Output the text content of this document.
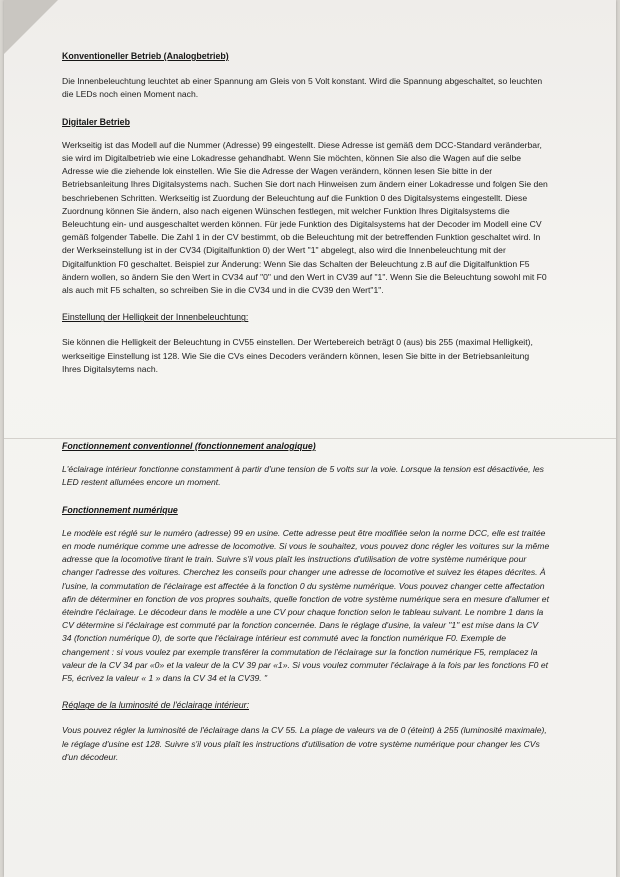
Konventioneller Betrieb (Analogbetrieb)

Die Innenbeleuchtung leuchtet ab einer Spannung am Gleis von 5 Volt konstant. Wird die Spannung abgeschaltet, so leuchten die LEDs noch einen Moment nach.

Digitaler Betrieb

Werkseitig ist das Modell auf die Nummer (Adresse) 99 eingestellt. Diese Adresse ist gemäß dem DCC-Standard veränderbar, sie wird im Digitalbetrieb wie eine Lokadresse gehandhabt. Wenn Sie möchten, können Sie also die Wagen auf die selbe Adresse wie die ziehende lok einstellen. Wie Sie die Adresse der Wagen verändern, können lesen Sie bitte in der Betriebsanleitung Ihres Digitalsystems nach. Suchen Sie dort nach Hinweisen zum ändern einer Lokadresse und folgen Sie den beschriebenen Schritten. Werkseitig ist Zuordung der Beleuchtung auf die Funktion 0 des Digitalsystems eingestellt. Diese Zuordnung können Sie ändern, also nach eigenen Wünschen festlegen, mit welcher Funktion Ihres Digitalsystems die Beleuchtung ein- und ausgeschaltet werden können. Für jede Funktion des Digitalsystems hat der Decoder im Modell eine CV gemäß folgender Tabelle. Die Zahl 1 in der CV bestimmt, ob die Beleuchtung mit der betreffenden Funktion geschaltet wird. In der Werkseinstellung ist in der CV34 (Digitalfunktion 0) der Wert "1" abgelegt, also wird die Innenbeleuchtung mit der Digitalfunktion F0 geschaltet. Beispiel zur Änderung: Wenn Sie das Schalten der Beleuchtung z.B auf die Digitalfunktion F5 ändern wollen, so ändern Sie den Wert in CV34 auf "0" und den Wert in CV39 auf "1". Wenn Sie die Beleuchtung sowohl mit F0 als auch mit F5 schalten, so schreiben Sie in die CV34 und in die CV39 den Wert"1".

Einstellung der Helligkeit der Innenbeleuchtung:

Sie können die Helligkeit der Beleuchtung in CV55 einstellen. Der Wertebereich beträgt 0 (aus) bis 255 (maximal Helligkeit), werkseitige Einstellung ist 128. Wie Sie die CVs eines Decoders verändern können, lesen Sie bitte in der Betriebsanleitung Ihres Digitalsytems nach.

Fonctionnement conventionnel (fonctionnement analogique)

L'éclairage intérieur fonctionne constamment à partir d'une tension de 5 volts sur la voie. Lorsque la tension est désactivée, les LED restent allumées encore un moment.

Fonctionnement numérique

Le modèle est réglé sur le numéro (adresse) 99 en usine. Cette adresse peut être modifiée selon la norme DCC, elle est traitée en mode numérique comme une adresse de locomotive. Si vous le souhaitez, vous pouvez donc régler les voitures sur la même adresse que la locomotive tirant le train. Suivre s'il vous plaît les instructions d'utilisation de votre système numérique pour changer l'adresse des voitures. Cherchez les conseils pour changer une adresse de locomotive et suivez les étapes décrites. À l'usine, la commutation de l'éclairage est affectée à la fonction 0 du système numérique. Vous pouvez changer cette affectation afin de déterminer en fonction de vos propres souhaits, quelle fonction de votre système numérique sera en mesure d'allumer et éteindre l'éclairage. Le décodeur dans le modèle a une CV pour chaque fonction selon le tableau suivant. Le nombre 1 dans la CV détermine si l'éclairage est commuté par la fonction concernée. Dans le réglage d'usine, la valeur "1" est mise dans la CV 34 (fonction numérique 0), de sorte que l'éclairage intérieur est commuté avec la fonction numérique F0. Exemple de changement : si vous voulez par exemple transférer la commutation de l'éclairage sur la fonction numérique F5, remplacez la valeur de la CV 34 par «0» et la valeur de la CV 39 par «1». Si vous voulez commuter l'éclairage à la fois par les fonctions F0 et F5, écrivez la valeur « 1 » dans la CV 34 et la CV39. "

Réglage de la luminosité de l'éclairage intérieur:

Vous pouvez régler la luminosité de l'éclairage dans la CV 55. La plage de valeurs va de 0 (éteint) à 255 (luminosité maximale), le réglage d'usine est 128. Suivre s'il vous plaît les instructions d'utilisation de votre système numérique pour changer les CVs d'un décodeur.
